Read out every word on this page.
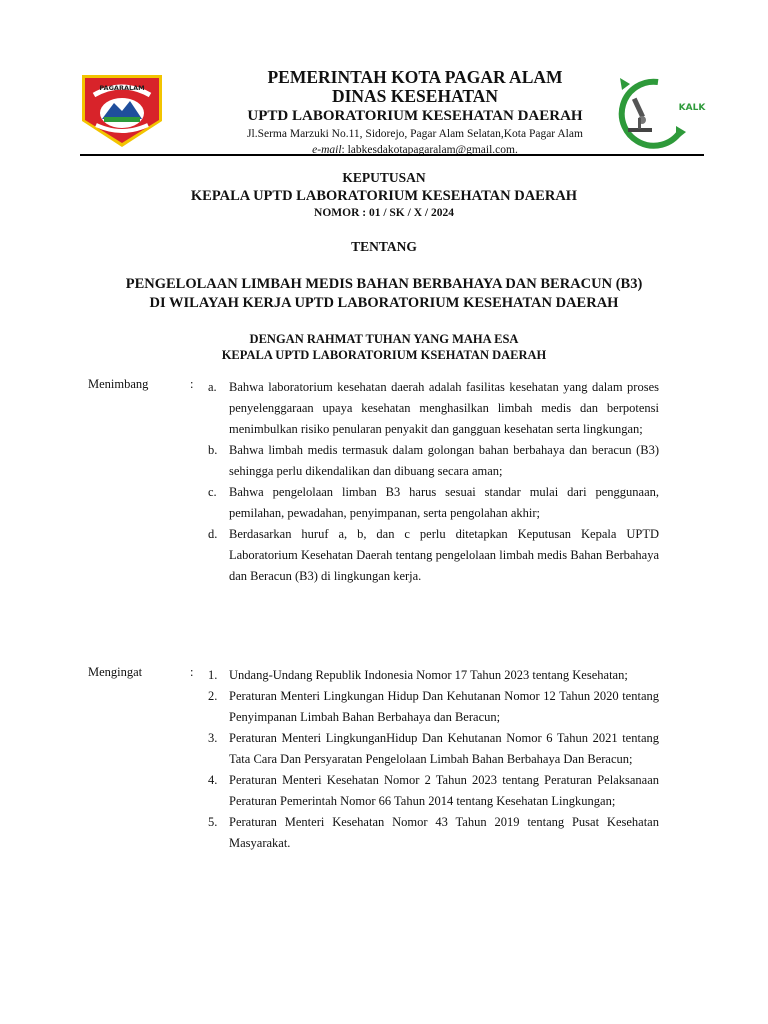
PAGARALAM
PEMERINTAH KOTA PAGAR ALAM
DINAS KESEHATAN
UPTD LABORATORIUM KESEHATAN DAERAH
Jl.Serma Marzuki No.11, Sidorejo, Pagar Alam Selatan,Kota Pagar Alam
e-mail: labkesdakotapagaralam@gmail.com.
KALK
KEPUTUSAN
KEPALA UPTD LABORATORIUM KESEHATAN DAERAH
NOMOR : 01 / SK / X / 2024
TENTANG
PENGELOLAAN LIMBAH MEDIS BAHAN BERBAHAYA DAN BERACUN (B3)
DI WILAYAH KERJA UPTD LABORATORIUM KESEHATAN DAERAH
DENGAN RAHMAT TUHAN YANG MAHA ESA
KEPALA UPTD LABORATORIUM KSEHATAN DAERAH
Menimbang	: a. Bahwa laboratorium kesehatan daerah adalah fasilitas kesehatan yang dalam proses penyelenggaraan upaya kesehatan menghasilkan limbah medis dan berpotensi menimbulkan risiko penularan penyakit dan gangguan kesehatan serta lingkungan;
b. Bahwa limbah medis termasuk dalam golongan bahan berbahaya dan beracun (B3) sehingga perlu dikendalikan dan dibuang secara aman;
c. Bahwa pengelolaan limban B3 harus sesuai standar mulai dari penggunaan, pemilahan, pewadahan, penyimpanan, serta pengolahan akhir;
d. Berdasarkan huruf a, b, dan c perlu ditetapkan Keputusan Kepala UPTD Laboratorium Kesehatan Daerah tentang pengelolaan limbah medis Bahan Berbahaya dan Beracun (B3) di lingkungan kerja.
Mengingat	: 1. Undang-Undang Republik Indonesia Nomor 17 Tahun 2023 tentang Kesehatan;
2. Peraturan Menteri Lingkungan Hidup Dan Kehutanan Nomor 12 Tahun 2020 tentang Penyimpanan Limbah Bahan Berbahaya dan Beracun;
3. Peraturan Menteri LingkunganHidup Dan Kehutanan Nomor 6 Tahun 2021 tentang Tata Cara Dan Persyaratan Pengelolaan Limbah Bahan Berbahaya Dan Beracun;
4. Peraturan Menteri Kesehatan Nomor 2 Tahun 2023 tentang Peraturan Pelaksanaan Peraturan Pemerintah Nomor 66 Tahun 2014 tentang Kesehatan Lingkungan;
5. Peraturan Menteri Kesehatan Nomor 43 Tahun 2019 tentang Pusat Kesehatan Masyarakat.
